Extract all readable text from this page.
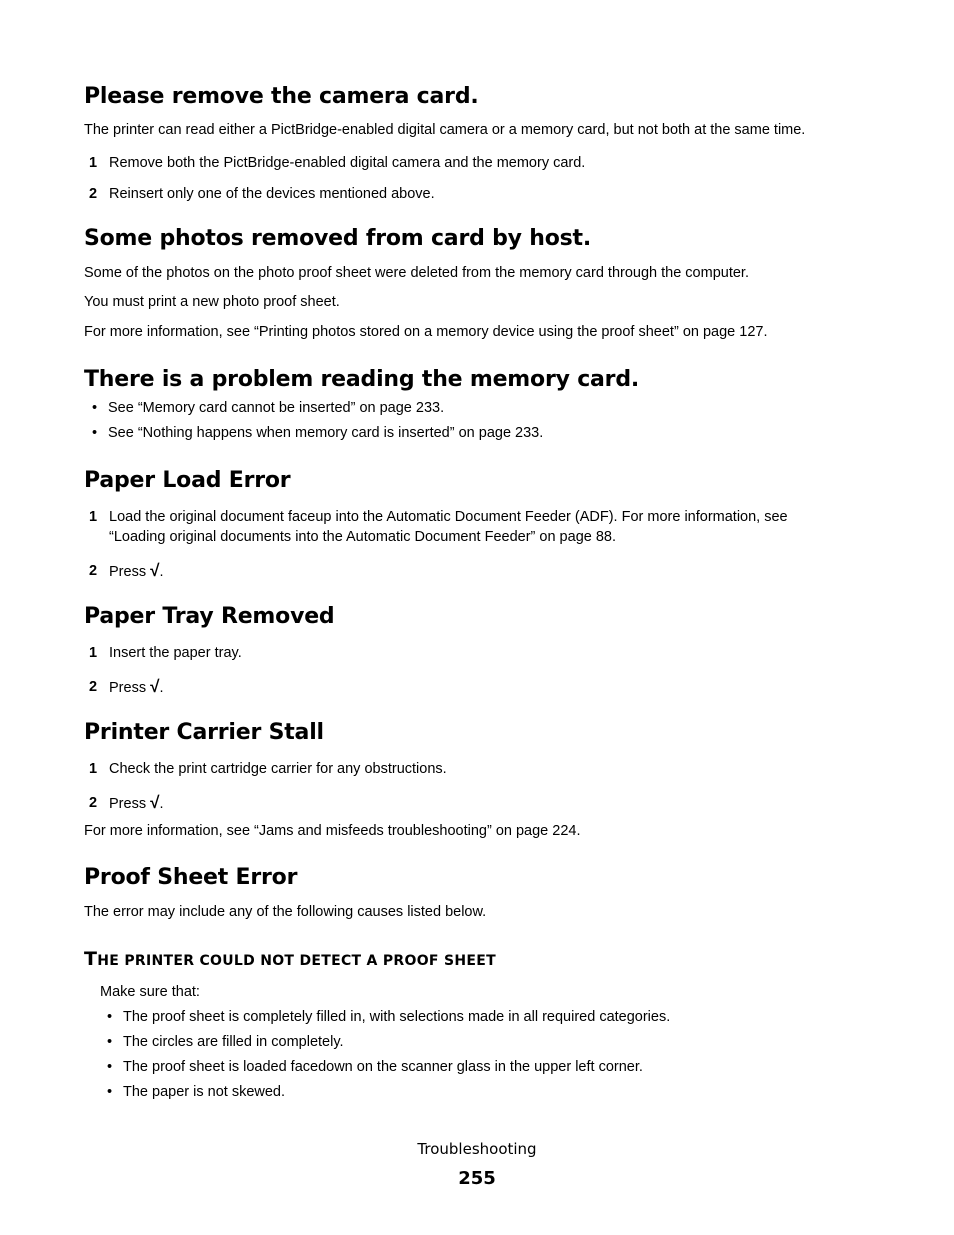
Please remove the camera card.

The printer can read either a PictBridge-enabled digital camera or a memory card, but not both at the same time.

1 Remove both the PictBridge-enabled digital camera and the memory card.
2 Reinsert only one of the devices mentioned above.
Some photos removed from card by host.

Some of the photos on the photo proof sheet were deleted from the memory card through the computer.

You must print a new photo proof sheet.

For more information, see “Printing photos stored on a memory device using the proof sheet” on page 127.

There is a problem reading the memory card.
• See “Memory card cannot be inserted” on page 233.
• See “Nothing happens when memory card is inserted” on page 233.
Paper Load Error
1 Load the original document faceup into the Automatic Document Feeder (ADF). For more information, see
“Loading original documents into the Automatic Document Feeder” on page 88.
2 Press √.
Paper Tray Removed
1 Insert the paper tray.
2 Press √.
Printer Carrier Stall
1 Check the print cartridge carrier for any obstructions.
2 Press √.

For more information, see “Jams and misfeeds troubleshooting” on page 224.

Proof Sheet Error

The error may include any of the following causes listed below.

THE PRINTER COULD NOT DETECT A PROOF SHEET

Make sure that:

• The proof sheet is completely filled in, with selections made in all required categories.
• The circles are filled in completely.
• The proof sheet is loaded facedown on the scanner glass in the upper left corner.
• The paper is not skewed.
Troubleshooting
255
